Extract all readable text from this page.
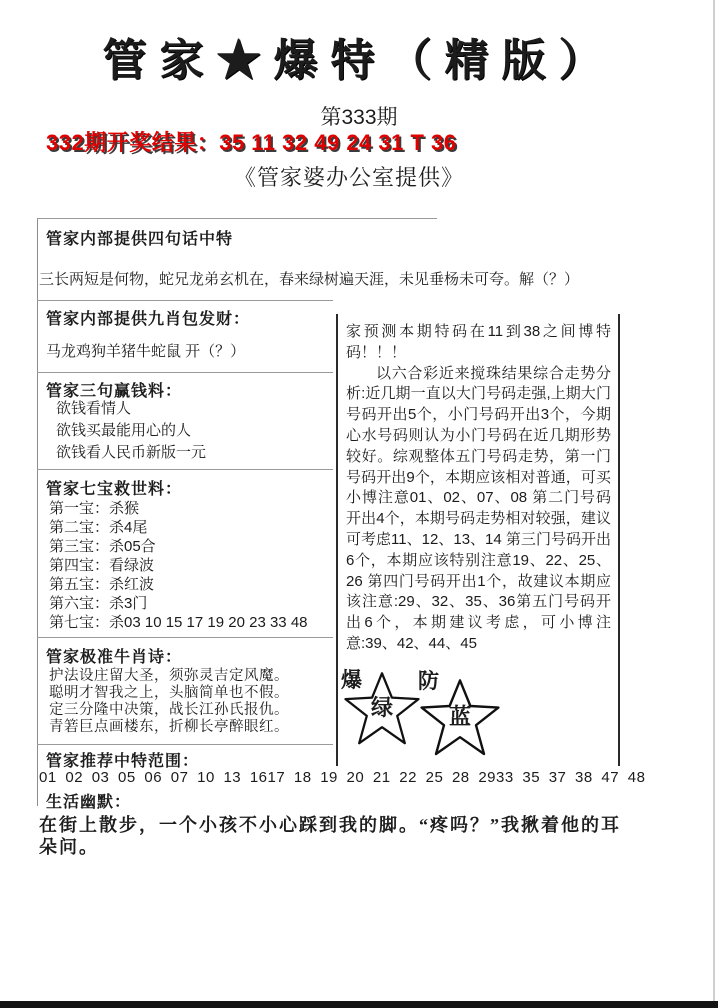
管家★爆特（精版）
第333期
332期开奖结果：35 11 32 49 24 31 T 36
《管家婆办公室提供》
管家内部提供四句话中特
三长两短是何物，蛇兄龙弟玄机在，春来绿树遍天涯，未见垂杨未可夸。解（？）
管家内部提供九肖包发财：
马龙鸡狗羊猪牛蛇鼠 开（？）
管家三句赢钱料：
欲钱看情人
欲钱买最能用心的人
欲钱看人民币新版一元
管家七宝救世料：
第一宝：杀猴
第二宝：杀4尾
第三宝：杀05合
第四宝：看绿波
第五宝：杀红波
第六宝：杀3门
第七宝：杀03 10 15 17 19 20 23 33 48
管家极准牛肖诗：
护法设庄留大圣，须弥灵吉定风魔。
聪明才智我之上，头脑简单也不假。
定三分隆中决策，战长江孙氏报仇。
青箬巨点画楼东，折柳长亭醉眼红。
管家推荐中特范围：
01 02 03 05 06 07 10 13 1617 18 19 20 21 22 25 28 2933 35 37 38 47 48
生活幽默：
在街上散步，一个小孩不小心踩到我的脚。“疼吗？”我揪着他的耳朵问。

家预测本期特码在11到38之间博特码！！！

以六合彩近来搅珠结果综合走势分析:近几期一直以大门号码走强,上期大门号码开出5个，小门号码开出3个，今期心水号码则认为小门号码在近几期形势较好。综观整体五门号码走势，第一门号码开出9个，本期应该相对普通，可买小博注意01、02、07、08 第二门号码开出4个，本期号码走势相对较强，建议可考虑11、12、13、14 第三门号码开出6个，本期应该特别注意19、22、25、26 第四门号码开出1个，故建议本期应该注意:29、32、35、36第五门号码开出6个，本期建议考虑，可小博注意:39、42、44、45

爆
绿
防
蓝
